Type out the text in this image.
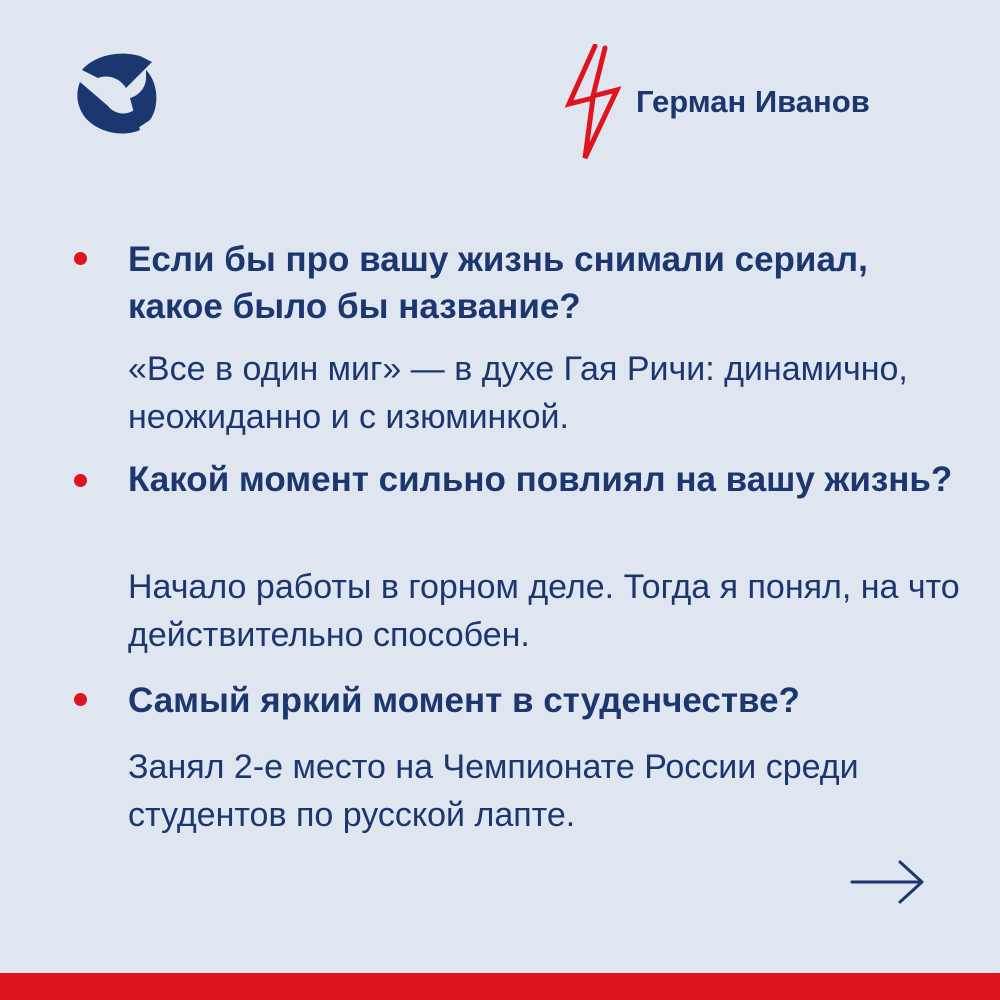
Герман Иванов

Если бы про вашу жизнь снимали сериал, какое было бы название?

«Все в один миг» — в духе Гая Ричи: динамично, неожиданно и с изюминкой.

Какой момент сильно повлиял на вашу жизнь?

Начало работы в горном деле. Тогда я понял, на что действительно способен.

Самый яркий момент в студенчестве?

Занял 2-е место на Чемпионате России среди студентов по русской лапте.
